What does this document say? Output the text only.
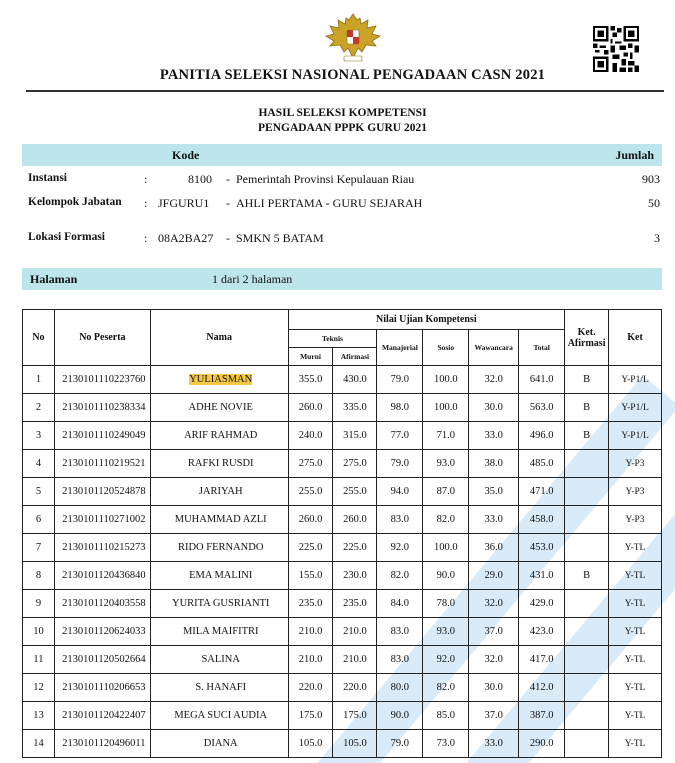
PANITIA SELEKSI NASIONAL PENGADAAN CASN 2021
HASIL SELEKSI KOMPETENSI
PENGADAAN PPPK GURU 2021
Kode	Jumlah
Instansi	:	8100 - Pemerintah Provinsi Kepulauan Riau	903
Kelompok Jabatan : JFGURU1 - AHLI PERTAMA - GURU SEJARAH	50
Lokasi Formasi	: 08A2BA27 - SMKN 5 BATAM	3
Halaman	1 dari 2 halaman
No	No Peserta	Nama	Nilai Ujian Kompetensi						Ket. Afirmasi	Ket
			Teknis		Manajerial	Sosio	Wawancara	Total		
			Murni	Afirmasi						
1	2130101110223760	YULIASMAN	355.0	430.0	79.0	100.0	32.0	641.0	B	Y-P1/L
2	2130101110238334	ADHE NOVIE	260.0	335.0	98.0	100.0	30.0	563.0	B	Y-P1/L
3	2130101110249049	ARIF RAHMAD	240.0	315.0	77.0	71.0	33.0	496.0	B	Y-P1/L
4	2130101110219521	RAFKI RUSDI	275.0	275.0	79.0	93.0	38.0	485.0		Y-P3
5	2130101120524878	JARIYAH	255.0	255.0	94.0	87.0	35.0	471.0		Y-P3
6	2130101110271002	MUHAMMAD AZLI	260.0	260.0	83.0	82.0	33.0	458.0		Y-P3
7	2130101110215273	RIDO FERNANDO	225.0	225.0	92.0	100.0	36.0	453.0		Y-TL
8	2130101120436840	EMA MALINI	155.0	230.0	82.0	90.0	29.0	431.0	B	Y-TL
9	2130101120403558	YURITA GUSRIANTI	235.0	235.0	84.0	78.0	32.0	429.0		Y-TL
10	2130101120624033	MILA MAIFITRI	210.0	210.0	83.0	93.0	37.0	423.0		Y-TL
11	2130101120502664	SALINA	210.0	210.0	83.0	92.0	32.0	417.0		Y-TL
12	2130101110206653	S. HANAFI	220.0	220.0	80.0	82.0	30.0	412.0		Y-TL
13	2130101120422407	MEGA SUCI AUDIA	175.0	175.0	90.0	85.0	37.0	387.0		Y-TL
14	2130101120496011	DIANA	105.0	105.0	79.0	73.0	33.0	290.0		Y-TL
